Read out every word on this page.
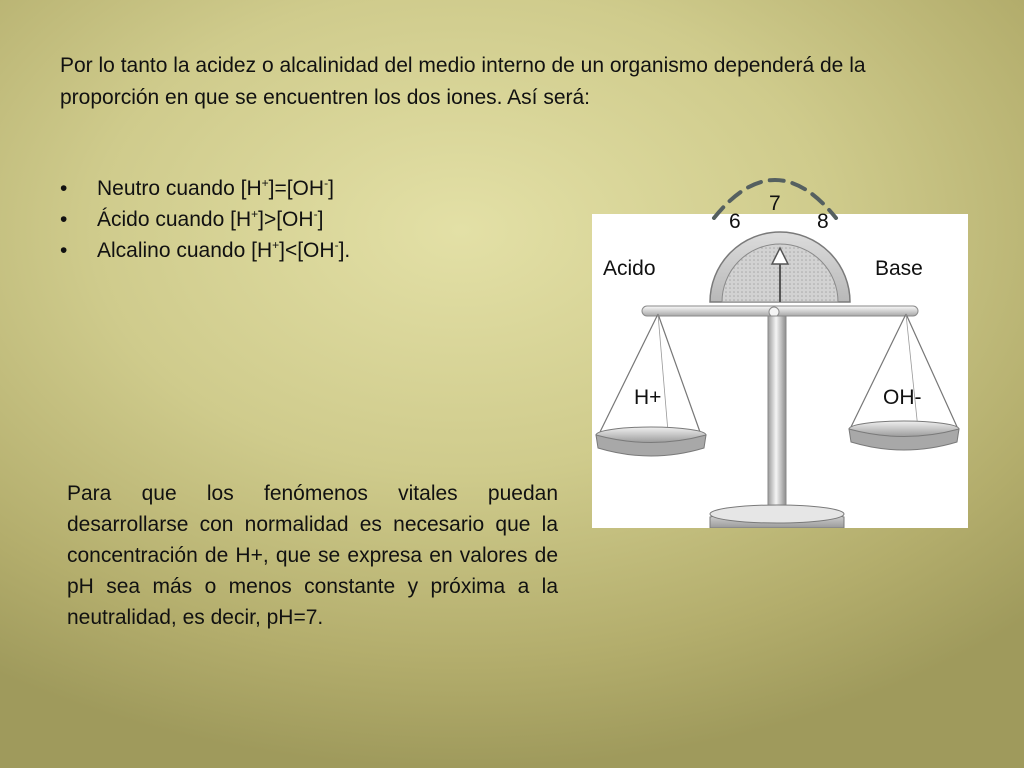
Por lo tanto la acidez o alcalinidad del medio interno de un organismo dependerá de la proporción en que se encuentren los dos iones. Así será:

• Neutro cuando [H+]=[OH-]
• Ácido cuando [H+]>[OH-]
• Alcalino cuando [H+]<[OH-].

Para que los fenómenos vitales puedan desarrollarse con normalidad es necesario que la concentración de H+, que se expresa en valores de pH sea más o menos constante y próxima a la neutralidad, es decir, pH=7.

6
7
8
Acido	Base
H+	OH-
